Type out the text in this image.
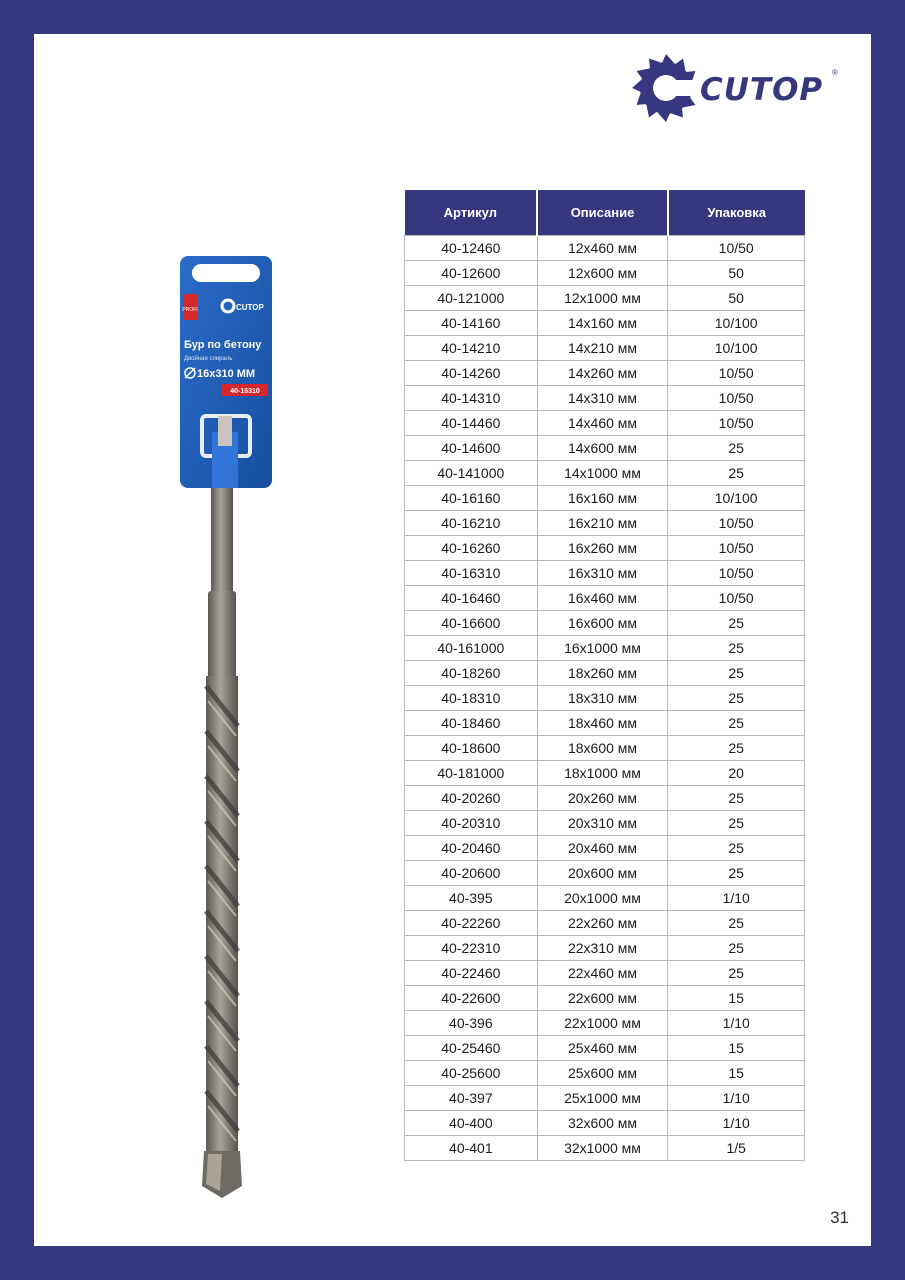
CUTOP ®
PROFI	CUTOP
Бур по бетону
Двойная спираль
16x310 MM
40-16310
Артикул	Описание	Упаковка
40-12460	12x460 мм	10/50
40-12600	12x600 мм	50
40-121000	12x1000 мм	50
40-14160	14x160 мм	10/100
40-14210	14x210 мм	10/100
40-14260	14x260 мм	10/50
40-14310	14x310 мм	10/50
40-14460	14x460 мм	10/50
40-14600	14x600 мм	25
40-141000	14x1000 мм	25
40-16160	16x160 мм	10/100
40-16210	16x210 мм	10/50
40-16260	16x260 мм	10/50
40-16310	16x310 мм	10/50
40-16460	16x460 мм	10/50
40-16600	16x600 мм	25
40-161000	16x1000 мм	25
40-18260	18x260 мм	25
40-18310	18x310 мм	25
40-18460	18x460 мм	25
40-18600	18x600 мм	25
40-181000	18x1000 мм	20
40-20260	20x260 мм	25
40-20310	20x310 мм	25
40-20460	20x460 мм	25
40-20600	20x600 мм	25
40-395	20x1000 мм	1/10
40-22260	22x260 мм	25
40-22310	22x310 мм	25
40-22460	22x460 мм	25
40-22600	22x600 мм	15
40-396	22x1000 мм	1/10
40-25460	25x460 мм	15
40-25600	25x600 мм	15
40-397	25x1000 мм	1/10
40-400	32x600 мм	1/10
40-401	32x1000 мм	1/5
31
